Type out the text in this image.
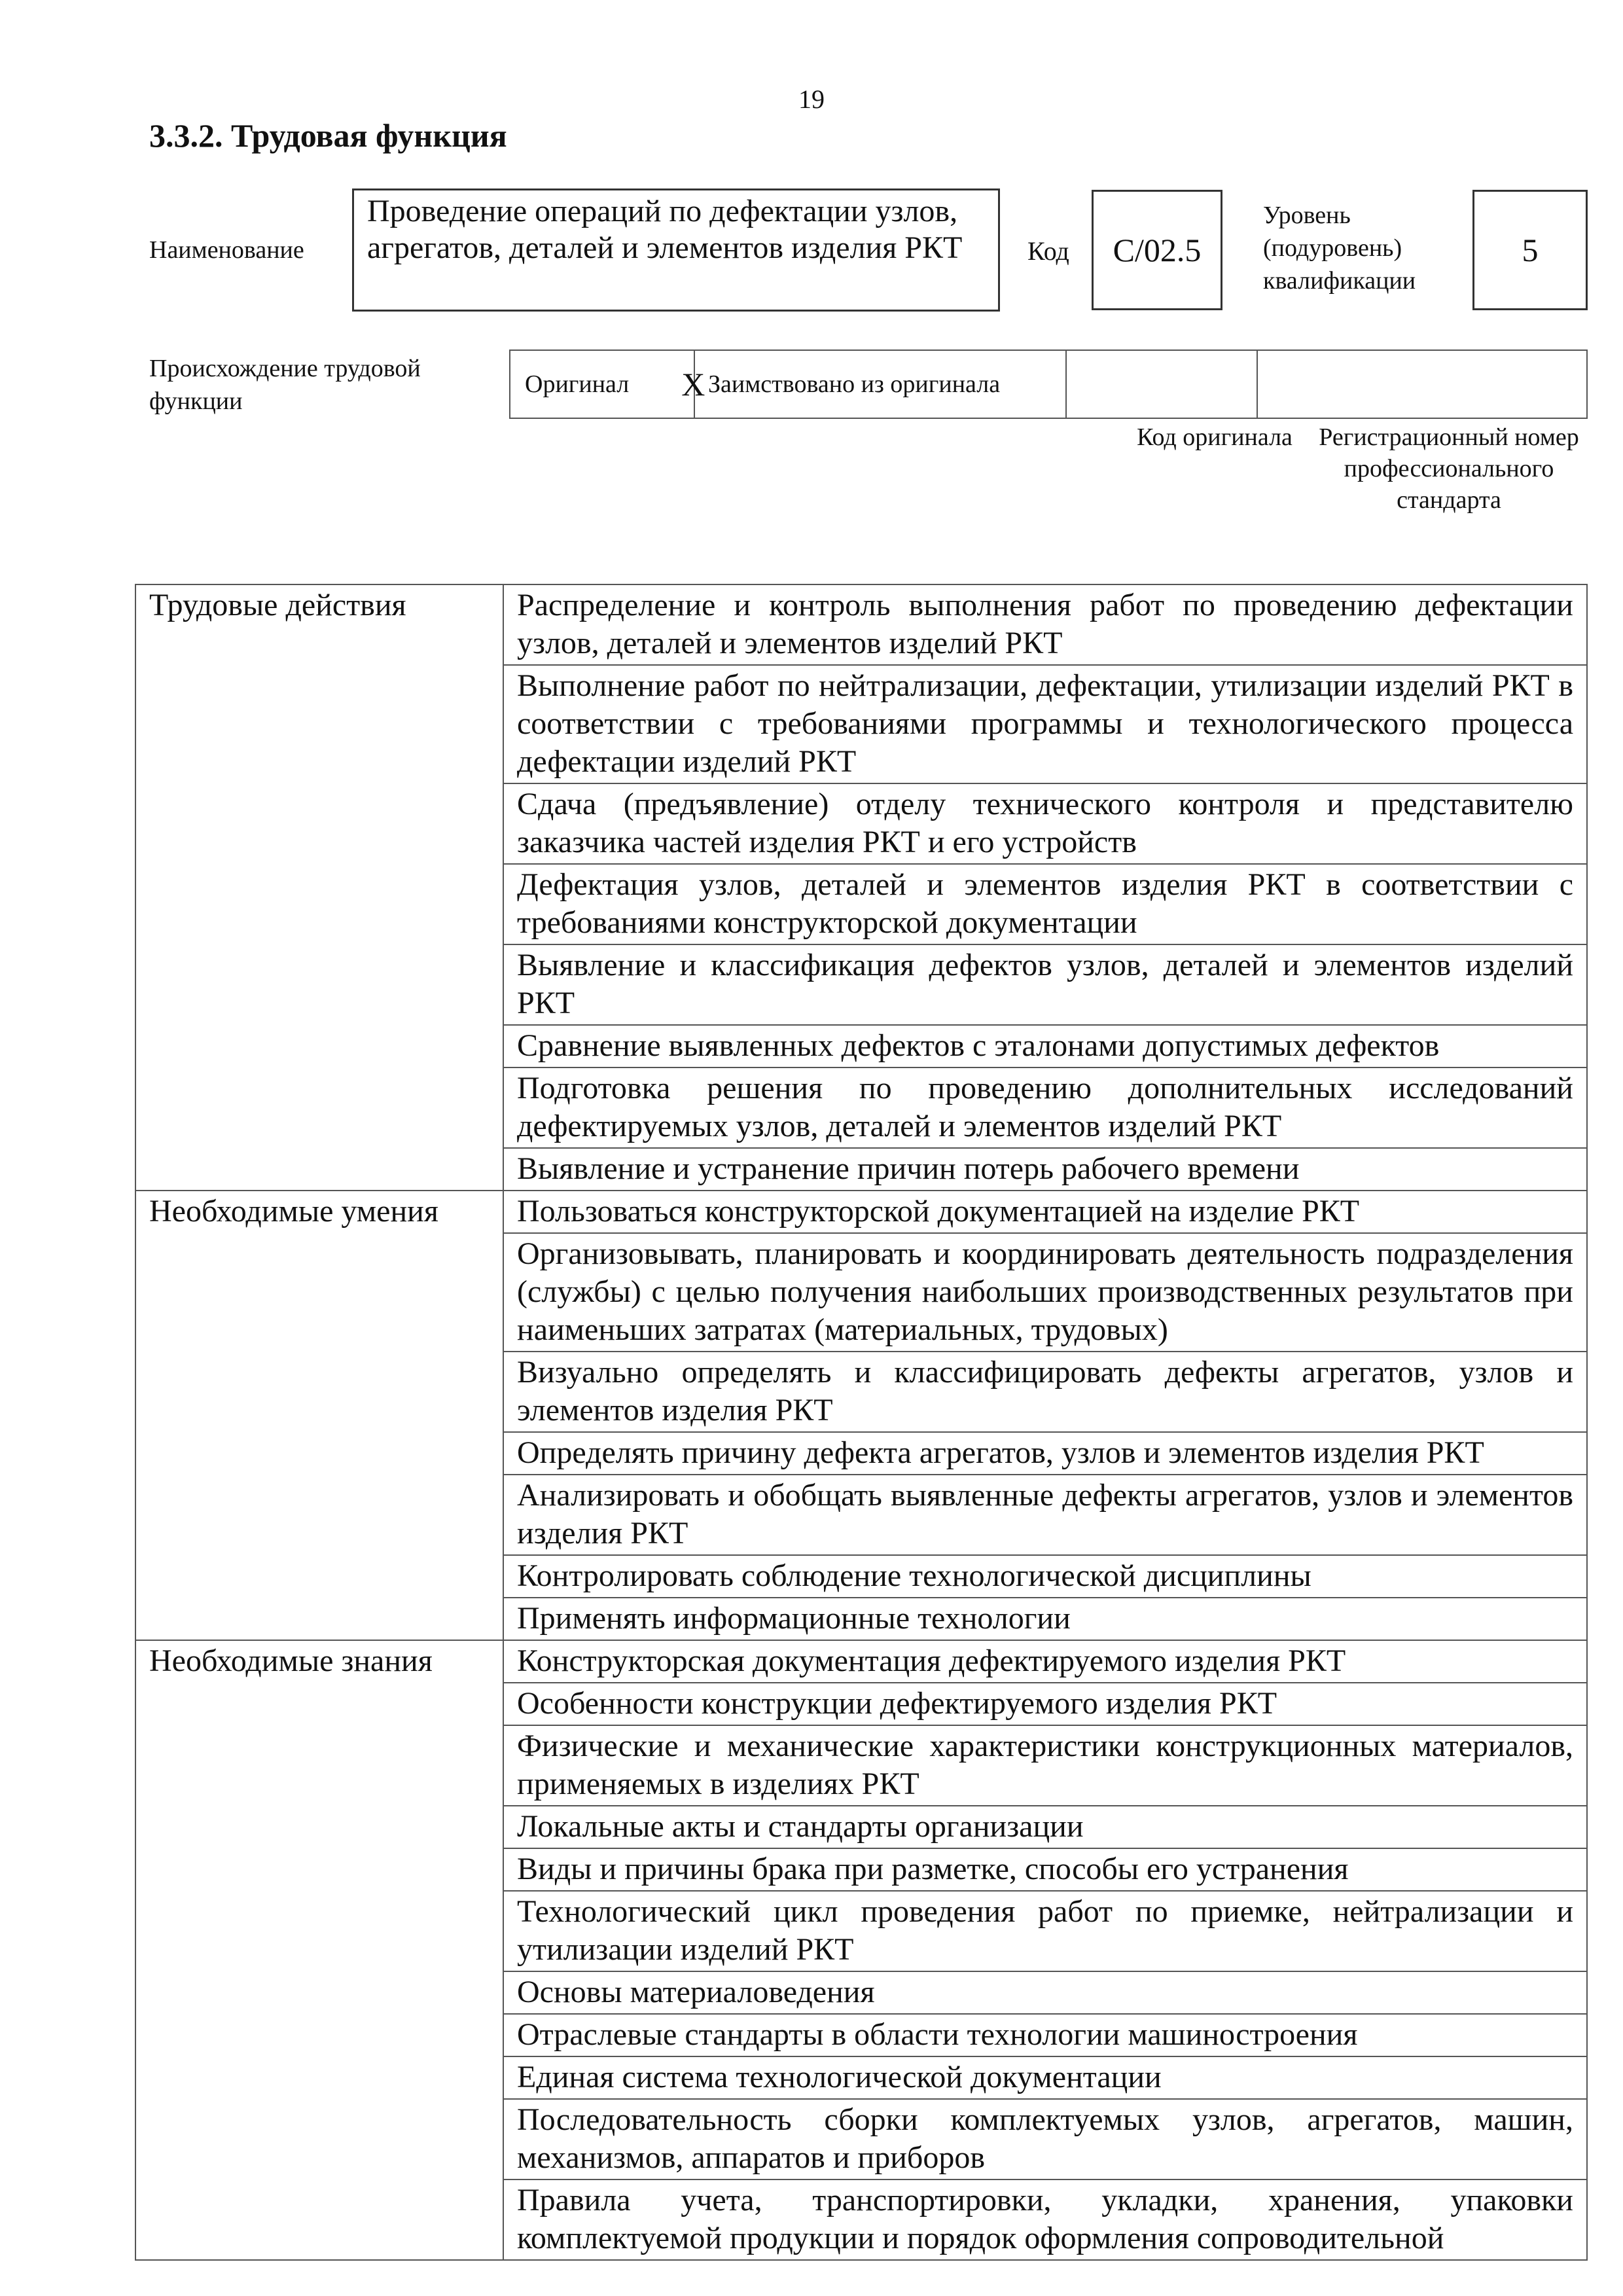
19
3.3.2. Трудовая функция
Наименование
Проведение операций по дефектации узлов, агрегатов, деталей и элементов изделия РКТ	Код	C/02.5
Уровень
(подуровень)
квалификации
5
Происхождение трудовой функции
Оригинал X Заимствовано из оригинала
Код оригинала	Регистрационный номер профессионального стандарта
Трудовые действия	Распределение и контроль выполнения работ по проведению дефектации узлов, деталей и элементов изделий РКТ
	Выполнение работ по нейтрализации, дефектации, утилизации изделий РКТ в соответствии с требованиями программы и технологического процесса дефектации изделий РКТ
	Сдача (предъявление) отделу технического контроля и представителю заказчика частей изделия РКТ и его устройств
	Дефектация узлов, деталей и элементов изделия РКТ в соответствии с требованиями конструкторской документации
	Выявление и классификация дефектов узлов, деталей и элементов изделий РКТ
	Сравнение выявленных дефектов с эталонами допустимых дефектов
	Подготовка решения по проведению дополнительных исследований дефектируемых узлов, деталей и элементов изделий РКТ
	Выявление и устранение причин потерь рабочего времени
Необходимые умения	Пользоваться конструкторской документацией на изделие РКТ
	Организовывать, планировать и координировать деятельность подразделения (службы) с целью получения наибольших производственных результатов при наименьших затратах (материальных, трудовых)
	Визуально определять и классифицировать дефекты агрегатов, узлов и элементов изделия РКТ
	Определять причину дефекта агрегатов, узлов и элементов изделия РКТ
	Анализировать и обобщать выявленные дефекты агрегатов, узлов и элементов изделия РКТ
	Контролировать соблюдение технологической дисциплины
	Применять информационные технологии
Необходимые знания	Конструкторская документация дефектируемого изделия РКТ
	Особенности конструкции дефектируемого изделия РКТ
	Физические и механические характеристики конструкционных материалов, применяемых в изделиях РКТ
	Локальные акты и стандарты организации
	Виды и причины брака при разметке, способы его устранения
	Технологический цикл проведения работ по приемке, нейтрализации и утилизации изделий РКТ
	Основы материаловедения
	Отраслевые стандарты в области технологии машиностроения
	Единая система технологической документации
	Последовательность сборки комплектуемых узлов, агрегатов, машин, механизмов, аппаратов и приборов
	Правила учета, транспортировки, укладки, хранения, упаковки комплектуемой продукции и порядок оформления сопроводительной
